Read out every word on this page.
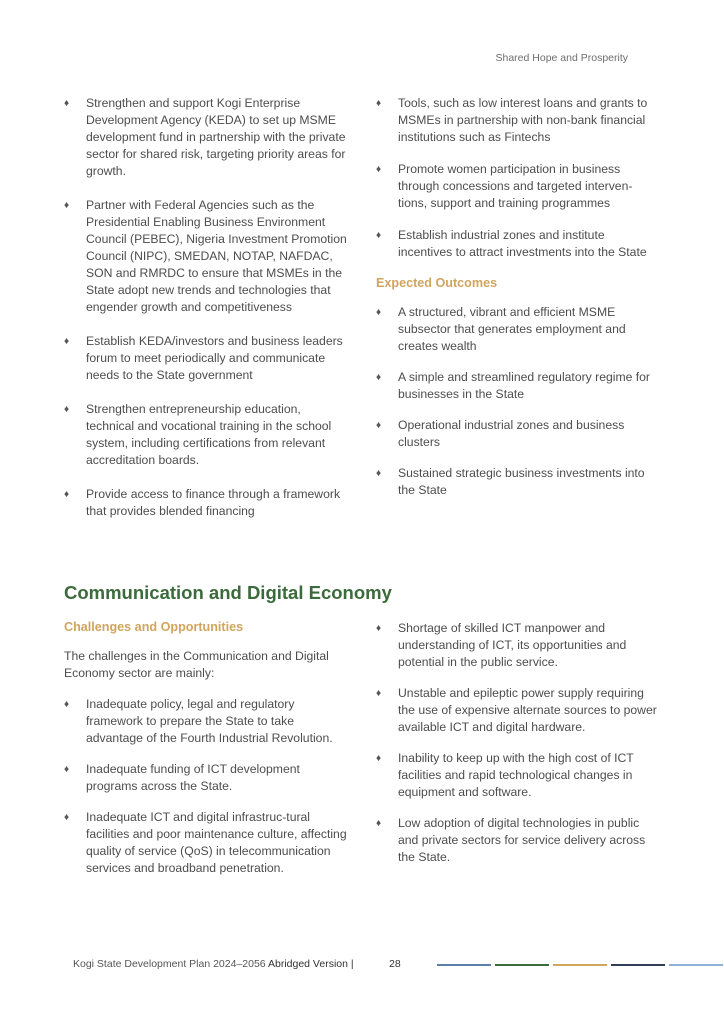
Shared Hope and Prosperity
♦ Strengthen and support Kogi Enterprise Development Agency (KEDA) to set up MSME development fund in partnership with the private sector for shared risk, targeting priority areas for growth.
♦ Partner with Federal Agencies such as the Presidential Enabling Business Environment Council (PEBEC), Nigeria Investment Promotion Council (NIPC), SMEDAN, NOTAP, NAFDAC, SON and RMRDC to ensure that MSMEs in the State adopt new trends and technologies that engender growth and competitiveness
♦ Establish KEDA/investors and business leaders forum to meet periodically and communicate needs to the State government
♦ Strengthen entrepreneurship education, technical and vocational training in the school system, including certifications from relevant accreditation boards.
♦ Provide access to finance through a framework that provides blended financing
♦ Tools, such as low interest loans and grants to MSMEs in partnership with non-bank financial institutions such as Fintechs
♦ Promote women participation in business through concessions and targeted interven-tions, support and training programmes
♦ Establish industrial zones and institute incentives to attract investments into the State
Expected Outcomes
♦ A structured, vibrant and efficient MSME subsector that generates employment and creates wealth
♦ A simple and streamlined regulatory regime for businesses in the State
♦ Operational industrial zones and business clusters
♦ Sustained strategic business investments into the State
Communication and Digital Economy
Challenges and Opportunities

The challenges in the Communication and Digital Economy sector are mainly:

♦ Inadequate policy, legal and regulatory framework to prepare the State to take advantage of the Fourth Industrial Revolution.
♦ Inadequate funding of ICT development programs across the State.
♦ Inadequate ICT and digital infrastruc-tural facilities and poor maintenance culture, affecting quality of service (QoS) in telecommunication services and broadband penetration.
♦ Shortage of skilled ICT manpower and understanding of ICT, its opportunities and potential in the public service.
♦ Unstable and epileptic power supply requiring the use of expensive alternate sources to power available ICT and digital hardware.
♦ Inability to keep up with the high cost of ICT facilities and rapid technological changes in equipment and software.
♦ Low adoption of digital technologies in public and private sectors for service delivery across the State.
Kogi State Development Plan 2024–2056 Abridged Version |	28
